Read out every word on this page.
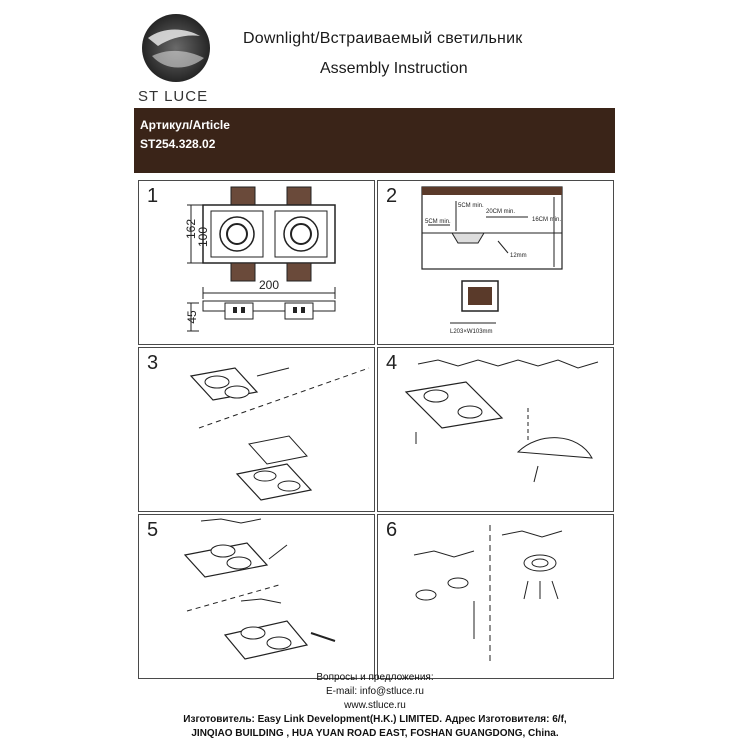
ST LUCE
Downlight/Встраиваемый светильник
Assembly Instruction
Артикул/Article
ST254.328.02
1
162
100
200
45
2
5CM min.
5CM min.
20CM min.
16CM min.
12mm
L203×W103mm
3	4
5	6
Вопросы и предложения:
E-mail: info@stluce.ru
www.stluce.ru
Изготовитель: Easy Link Development(H.K.) LIMITED. Адрес Изготовителя: 6/f,
JINQIAO BUILDING , HUA YUAN ROAD EAST, FOSHAN GUANGDONG, China.
